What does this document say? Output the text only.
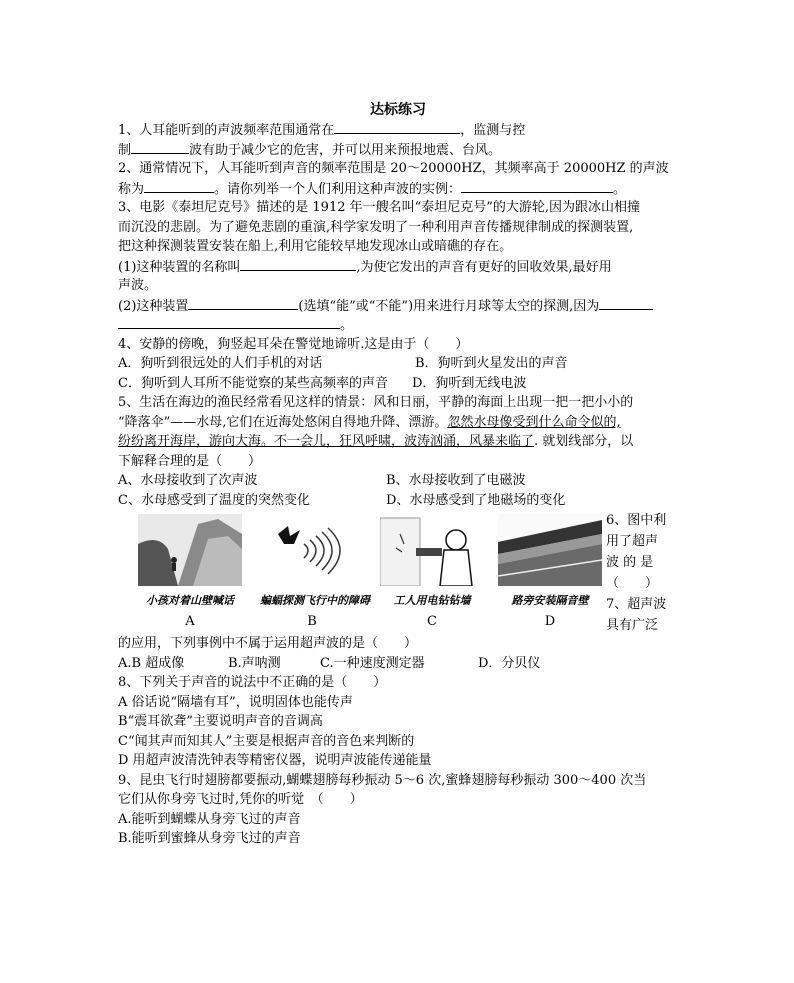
达标练习
1、人耳能听到的声波频率范围通常在	，监测与控
制	波有助于减少它的危害，并可以用来预报地震、台风。
2、通常情况下，人耳能听到声音的频率范围是 20～20000HZ，其频率高于 20000HZ 的声波
称为	。请你列举一个人们利用这种声波的实例：	。
3、电影《泰坦尼克号》描述的是 1912 年一艘名叫“泰坦尼克号”的大游轮,因为跟冰山相撞
而沉没的悲剧。为了避免悲剧的重演,科学家发明了一种利用声音传播规律制成的探测装置,
把这种探测装置安装在船上,利用它能较早地发现冰山或暗礁的存在。
(1)这种装置的名称叫	,为使它发出的声音有更好的回收效果,最好用
声波。
(2)这种装置	(选填“能”或“不能”)用来进行月球等太空的探测,因为
。
4、安静的傍晚，狗竖起耳朵在警觉地谛听.这是由于（　　）
A．狗听到很远处的人们手机的对话	B．狗听到火星发出的声音
C．狗听到人耳所不能觉察的某些高频率的声音	D．狗听到无线电波
5、生活在海边的渔民经常看见这样的情景：风和日丽，平静的海面上出现一把一把小小的
“降落伞”——水母,它们在近海处悠闲自得地升降、漂游。忽然水母像受到什么命令似的,
纷纷离开海岸，游向大海。不一会儿，狂风呼啸，波涛汹涌，风暴来临了. 就划线部分，以
下解释合理的是（　　）
A、水母接收到了次声波	B、水母接收到了电磁波
C、水母感受到了温度的突然变化	D、水母感受到了地磁场的变化
小孩对着山壁喊话
A
蝙蝠探测飞行中的障碍
B
工人用电钻钻墙
C
路旁安装隔音壁
D
6、图中利
用了超声
波 的 是
（　　）
7、超声波
具有广泛
的应用，下列事例中不属于运用超声波的是（　　）
A.B 超成像	B.声呐测	C.一种速度测定器	D．分贝仪
8、下列关于声音的说法中不正确的是（　　）
A 俗话说“隔墙有耳”，说明固体也能传声
B“震耳欲聋”主要说明声音的音调高
C“闻其声而知其人”主要是根据声音的音色来判断的
D 用超声波清洗钟表等精密仪器，说明声波能传递能量
9、昆虫飞行时翅膀都要振动,蝴蝶翅膀每秒振动 5～6 次,蜜蜂翅膀每秒振动 300～400 次当
它们从你身旁飞过时,凭你的听觉　（　　）
A.能听到蝴蝶从身旁飞过的声音
B.能听到蜜蜂从身旁飞过的声音
